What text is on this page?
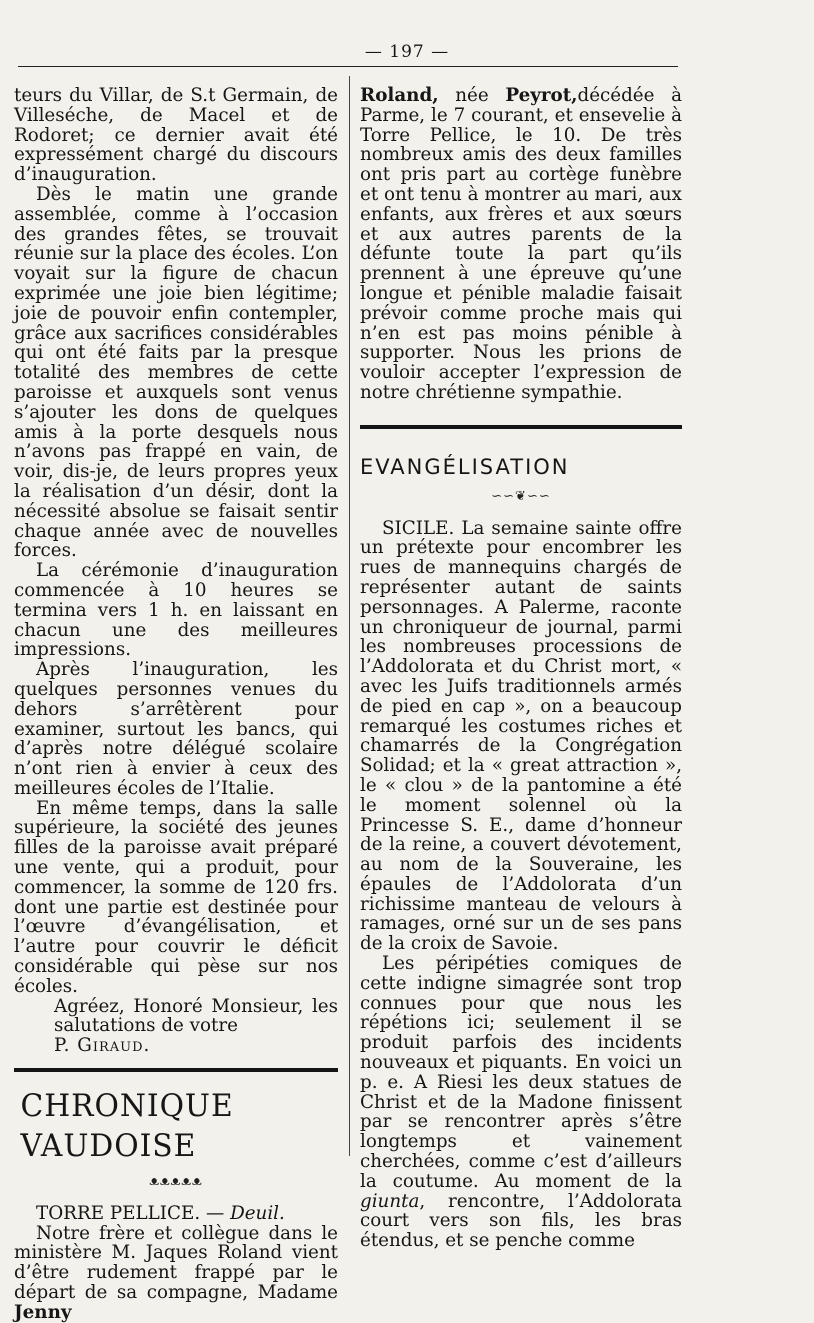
— 197 —

teurs du Villar, de S.t Germain, de Villeséche, de Macel et de Rodoret; ce dernier avait été expressément chargé du discours d’inauguration.

Dès le matin une grande assemblée, comme à l’occasion des grandes fêtes, se trouvait réunie sur la place des écoles. L’on voyait sur la figure de chacun exprimée une joie bien légitime; joie de pouvoir enfin contempler, grâce aux sacrifices considérables qui ont été faits par la presque totalité des membres de cette paroisse et auxquels sont venus s’ajouter les dons de quelques amis à la porte desquels nous n’avons pas frappé en vain, de voir, dis-je, de leurs propres yeux la réalisation d’un désir, dont la nécessité absolue se faisait sentir chaque année avec de nouvelles forces.

La cérémonie d’inauguration commencée à 10 heures se termina vers 1 h. en laissant en chacun une des meilleures impressions.

Après l’inauguration, les quelques personnes venues du dehors s’arrêtèrent pour examiner, surtout les bancs, qui d’après notre délégué scolaire n’ont rien à envier à ceux des meilleures écoles de l’Italie.

En même temps, dans la salle supérieure, la société des jeunes filles de la paroisse avait préparé une vente, qui a produit, pour commencer, la somme de 120 frs. dont une partie est destinée pour l’œuvre d’évangélisation, et l’autre pour couvrir le déficit considérable qui pèse sur nos écoles.

Agréez, Honoré Monsieur, les salutations de votre

P. Giraud.

CHRONIQUE VAUDOISE

ᴥᴥᴥᴥᴥ

TORRE PELLICE. — Deuil.

Notre frère et collègue dans le ministère M. Jaques Roland vient d’être rudement frappé par le départ de sa compagne, Madame Jenny

Roland, née Peyrot,décédée à Parme, le 7 courant, et ensevelie à Torre Pellice, le 10. De très nombreux amis des deux familles ont pris part au cortège funèbre et ont tenu à montrer au mari, aux enfants, aux frères et aux sœurs et aux autres parents de la défunte toute la part qu’ils prennent à une épreuve qu’une longue et pénible maladie faisait prévoir comme proche mais qui n’en est pas moins pénible à supporter. Nous les prions de vouloir accepter l’expression de notre chrétienne sympathie.

EVANGÉLISATION

∽∽❦∽∽

SICILE. La semaine sainte offre un prétexte pour encombrer les rues de mannequins chargés de représenter autant de saints personnages. A Palerme, raconte un chroniqueur de journal, parmi les nombreuses processions de l’Addolorata et du Christ mort, « avec les Juifs traditionnels armés de pied en cap », on a beaucoup remarqué les costumes riches et chamarrés de la Congrégation Solidad; et la « great attraction », le « clou » de la pantomine a été le moment solennel où la Princesse S. E., dame d’honneur de la reine, a couvert dévotement, au nom de la Souveraine, les épaules de l’Addolorata d’un richissime manteau de velours à ramages, orné sur un de ses pans de la croix de Savoie.

Les péripéties comiques de cette indigne simagrée sont trop connues pour que nous les répétions ici; seulement il se produit parfois des incidents nouveaux et piquants. En voici un p. e. A Riesi les deux statues de Christ et de la Madone finissent par se rencontrer après s’être longtemps et vainement cherchées, comme c’est d’ailleurs la coutume. Au moment de la giunta, rencontre, l’Addolorata court vers son fils, les bras étendus, et se penche comme
